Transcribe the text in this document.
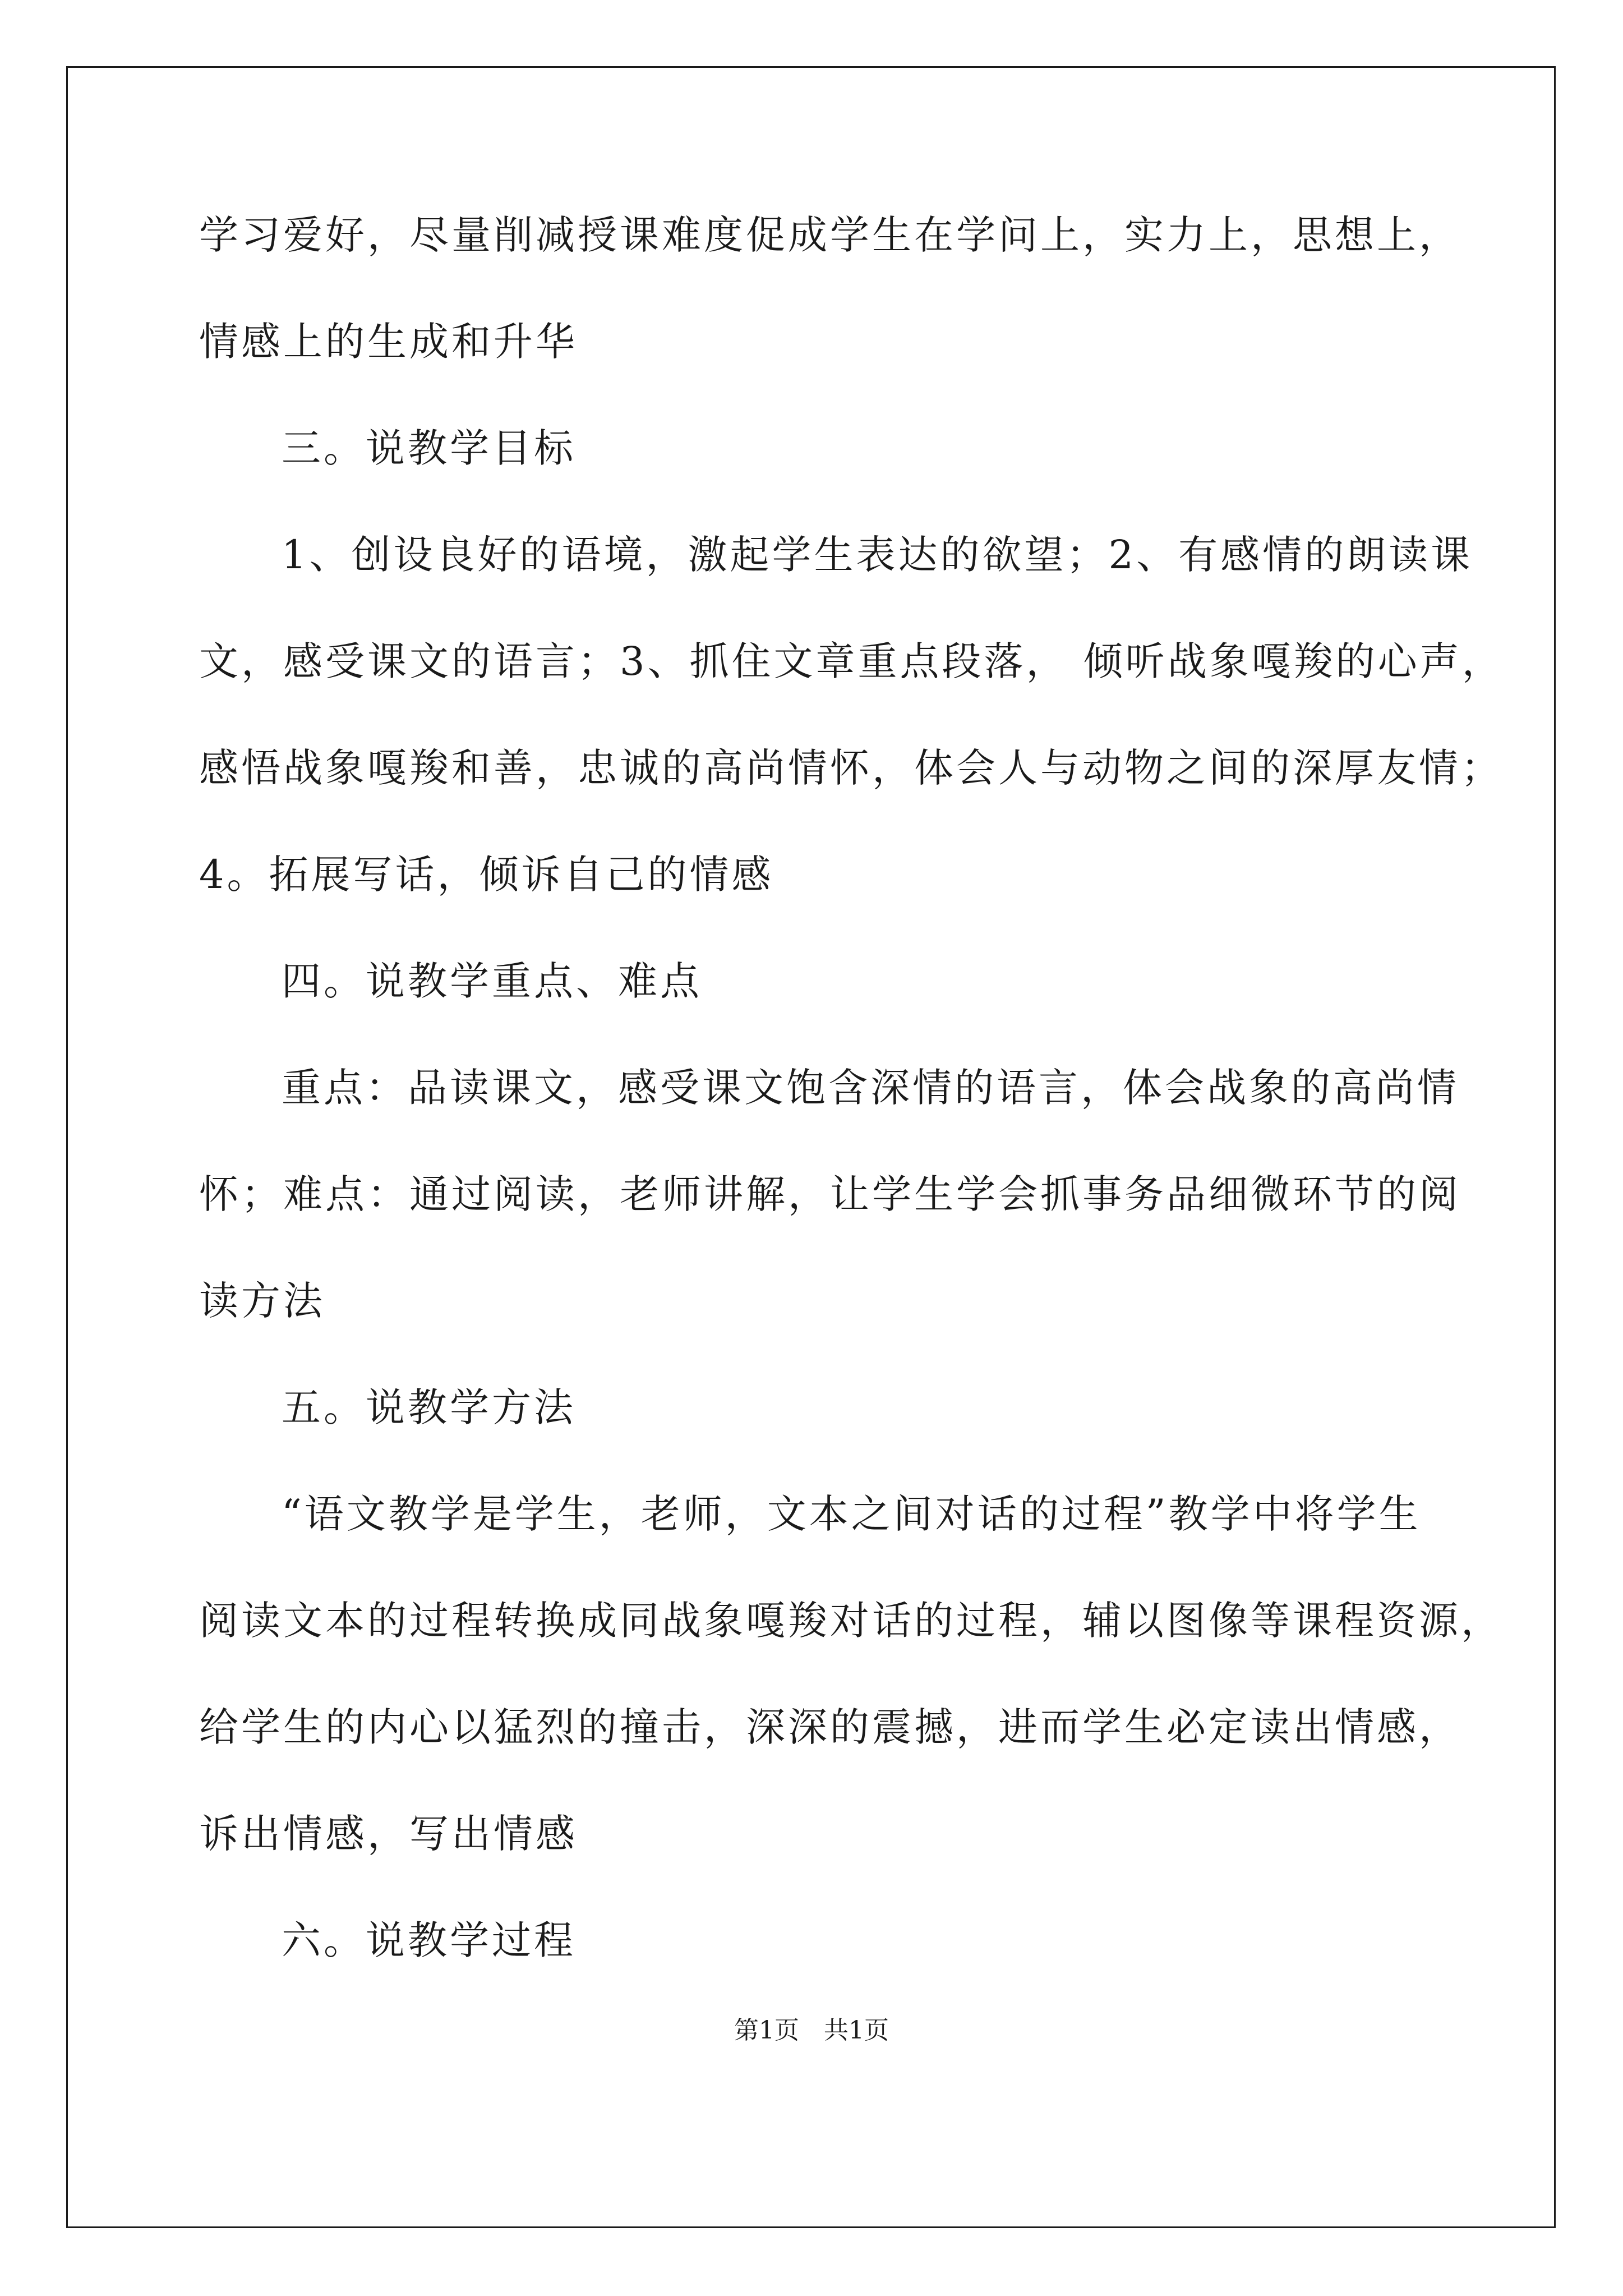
学习爱好，尽量削减授课难度促成学生在学问上，实力上，思想上，
情感上的生成和升华
三。说教学目标
1、创设良好的语境，激起学生表达的欲望；2、有感情的朗读课
文，感受课文的语言；3、抓住文章重点段落， 倾听战象嘎羧的心声，
感悟战象嘎羧和善，忠诚的高尚情怀，体会人与动物之间的深厚友情；
4。拓展写话，倾诉自己的情感
四。说教学重点、难点
重点：品读课文，感受课文饱含深情的语言，体会战象的高尚情
怀；难点：通过阅读，老师讲解，让学生学会抓事务品细微环节的阅
读方法
五。说教学方法
“语文教学是学生，老师，文本之间对话的过程”教学中将学生
阅读文本的过程转换成同战象嘎羧对话的过程，辅以图像等课程资源，
给学生的内心以猛烈的撞击，深深的震撼，进而学生必定读出情感，
诉出情感，写出情感
六。说教学过程
第1页　共1页
